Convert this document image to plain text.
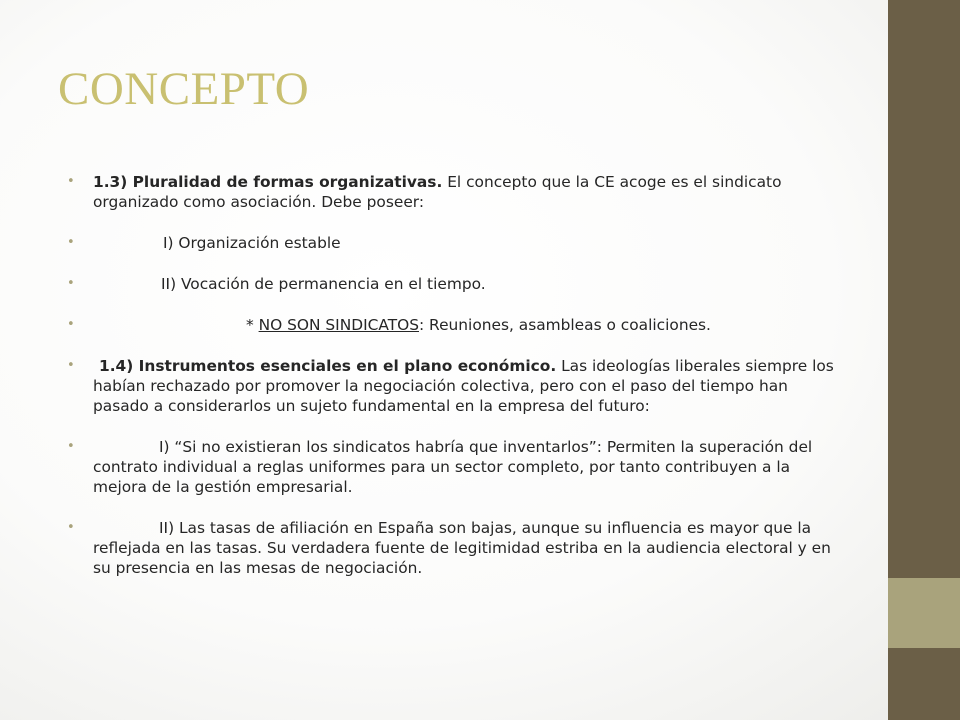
CONCEPTO
• 1.3) Pluralidad de formas organizativas. El concepto que la CE acoge es el sindicato organizado como asociación. Debe poseer:
•	I) Organización estable
•	II) Vocación de permanencia en el tiempo.
•	* NO SON SINDICATOS: Reuniones, asambleas o coaliciones.
• 1.4) Instrumentos esenciales en el plano económico. Las ideologías liberales siempre los habían rechazado por promover la negociación colectiva, pero con el paso del tiempo han pasado a considerarlos un sujeto fundamental en la empresa del futuro:
•	I) “Si no existieran los sindicatos habría que inventarlos”: Permiten la superación del contrato individual a reglas uniformes para un sector completo, por tanto contribuyen a la mejora de la gestión empresarial.
•	II) Las tasas de afiliación en España son bajas, aunque su influencia es mayor que la reflejada en las tasas. Su verdadera fuente de legitimidad estriba en la audiencia electoral y en su presencia en las mesas de negociación.
